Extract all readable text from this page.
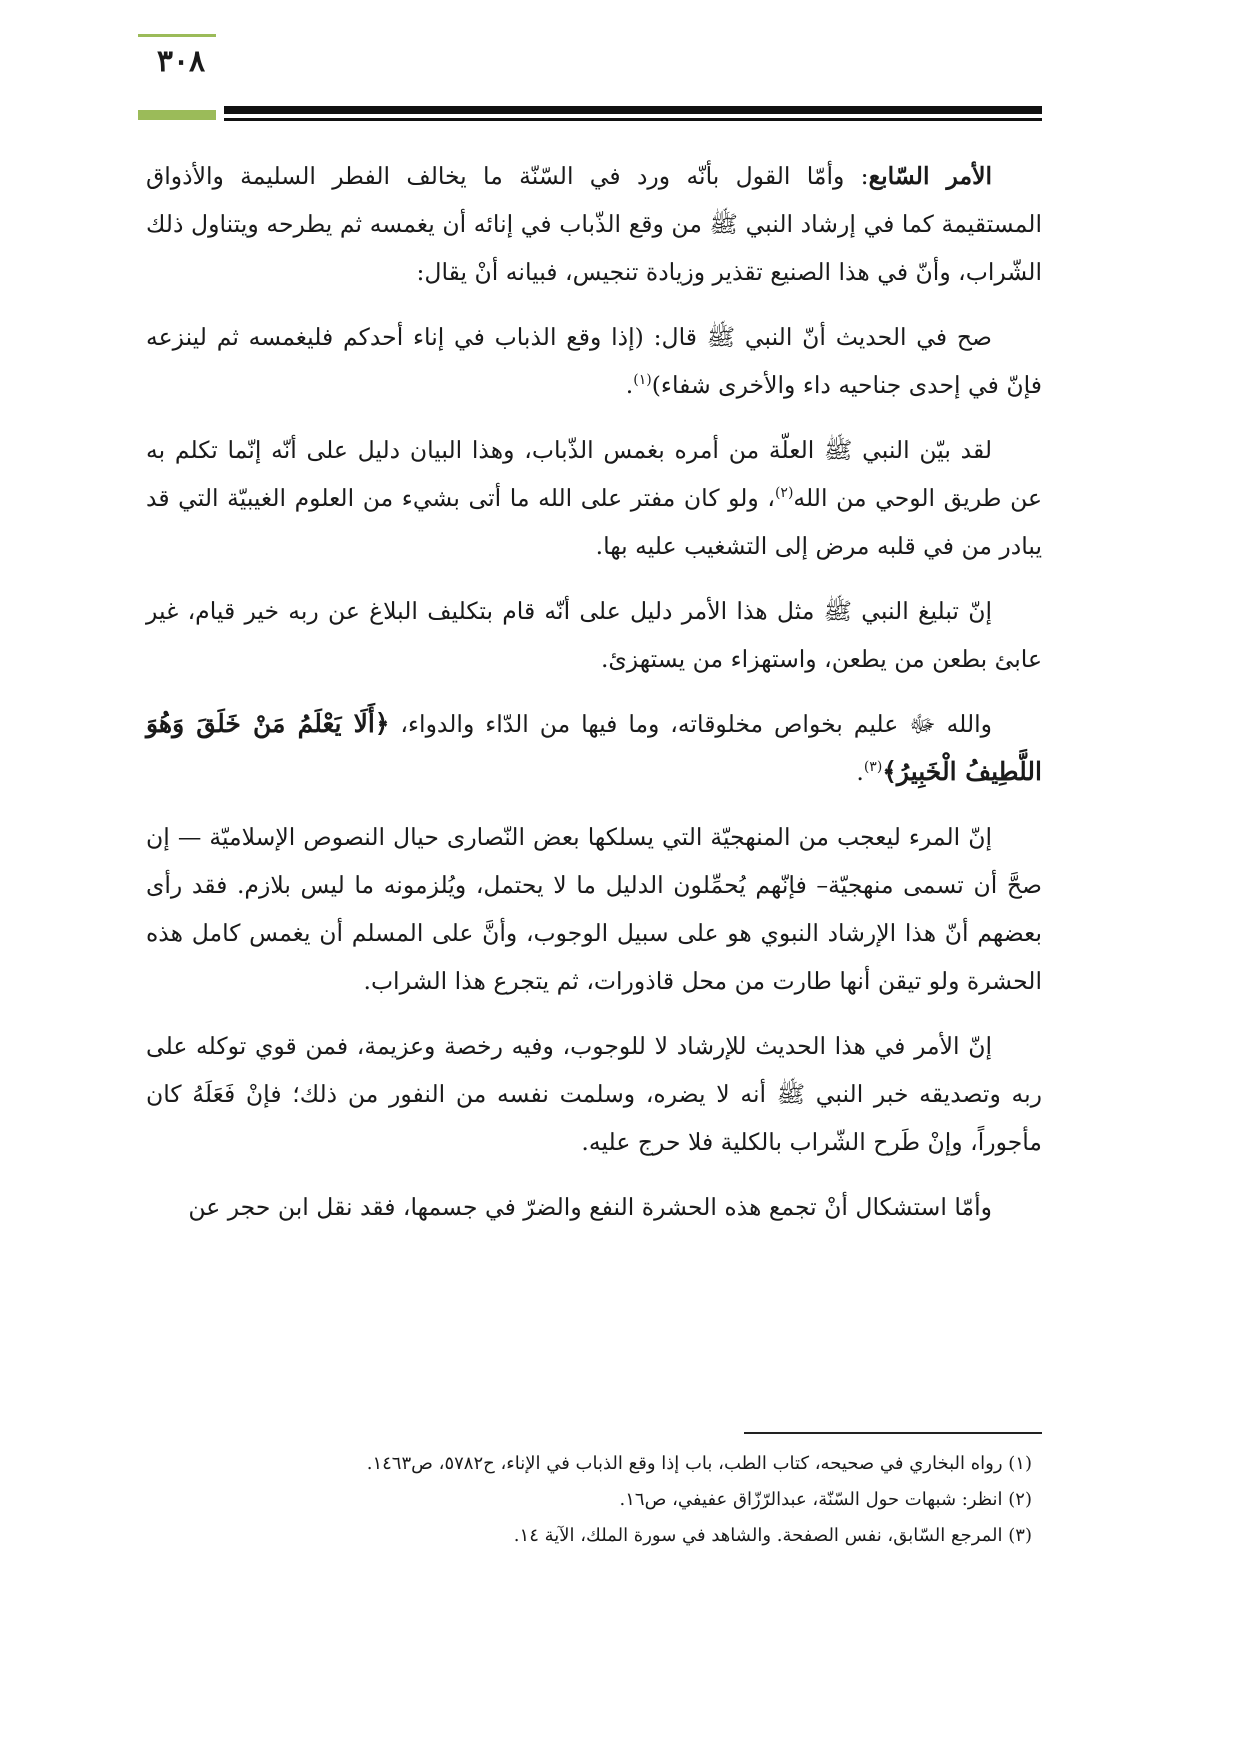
٣٠٨

الأمر السّابع: وأمّا القول بأنّه ورد في السّنّة ما يخالف الفطر السليمة والأذواق المستقيمة كما في إرشاد النبي ﷺ من وقع الذّباب في إنائه أن يغمسه ثم يطرحه ويتناول ذلك الشّراب، وأنّ في هذا الصنيع تقذير وزيادة تنجيس، فبيانه أنْ يقال:

صح في الحديث أنّ النبي ﷺ قال: (إذا وقع الذباب في إناء أحدكم فليغمسه ثم لينزعه فإنّ في إحدى جناحيه داء والأخرى شفاء)$^{(١)}$.

لقد بيّن النبي ﷺ العلّة من أمره بغمس الذّباب، وهذا البيان دليل على أنّه إنّما تكلم به عن طريق الوحي من الله$^{(٢)}$، ولو كان مفتر على الله ما أتى بشيء من العلوم الغيبيّة التي قد يبادر من في قلبه مرض إلى التشغيب عليه بها.

إنّ تبليغ النبي ﷺ مثل هذا الأمر دليل على أنّه قام بتكليف البلاغ عن ربه خير قيام، غير عابئ بطعن من يطعن، واستهزاء من يستهزئ.

والله ﷻ عليم بخواص مخلوقاته، وما فيها من الدّاء والدواء، ﴿أَلَا يَعْلَمُ مَنْ خَلَقَ وَهُوَ اللَّطِيفُ الْخَبِيرُ﴾$^{(٣)}$.

إنّ المرء ليعجب من المنهجيّة التي يسلكها بعض النّصارى حيال النصوص الإسلاميّة — إن صحَّ أن تسمى منهجيّة– فإنّهم يُحمِّلون الدليل ما لا يحتمل، ويُلزمونه ما ليس بلازم. فقد رأى بعضهم أنّ هذا الإرشاد النبوي هو على سبيل الوجوب، وأنَّ على المسلم أن يغمس كامل هذه الحشرة ولو تيقن أنها طارت من محل قاذورات، ثم يتجرع هذا الشراب.

إنّ الأمر في هذا الحديث للإرشاد لا للوجوب، وفيه رخصة وعزيمة، فمن قوي توكله على ربه وتصديقه خبر النبي ﷺ أنه لا يضره، وسلمت نفسه من النفور من ذلك؛ فإنْ فَعَلَهُ كان مأجوراً، وإنْ طَرح الشّراب بالكلية فلا حرج عليه.

وأمّا استشكال أنْ تجمع هذه الحشرة النفع والضرّ في جسمها، فقد نقل ابن حجر عن

(١) رواه البخاري في صحيحه، كتاب الطب، باب إذا وقع الذباب في الإناء، ح٥٧٨٢، ص١٤٦٣.
(٢) انظر: شبهات حول السّنّة، عبدالرّزّاق عفيفي، ص١٦.
(٣) المرجع السّابق، نفس الصفحة. والشاهد في سورة الملك، الآية ١٤.
